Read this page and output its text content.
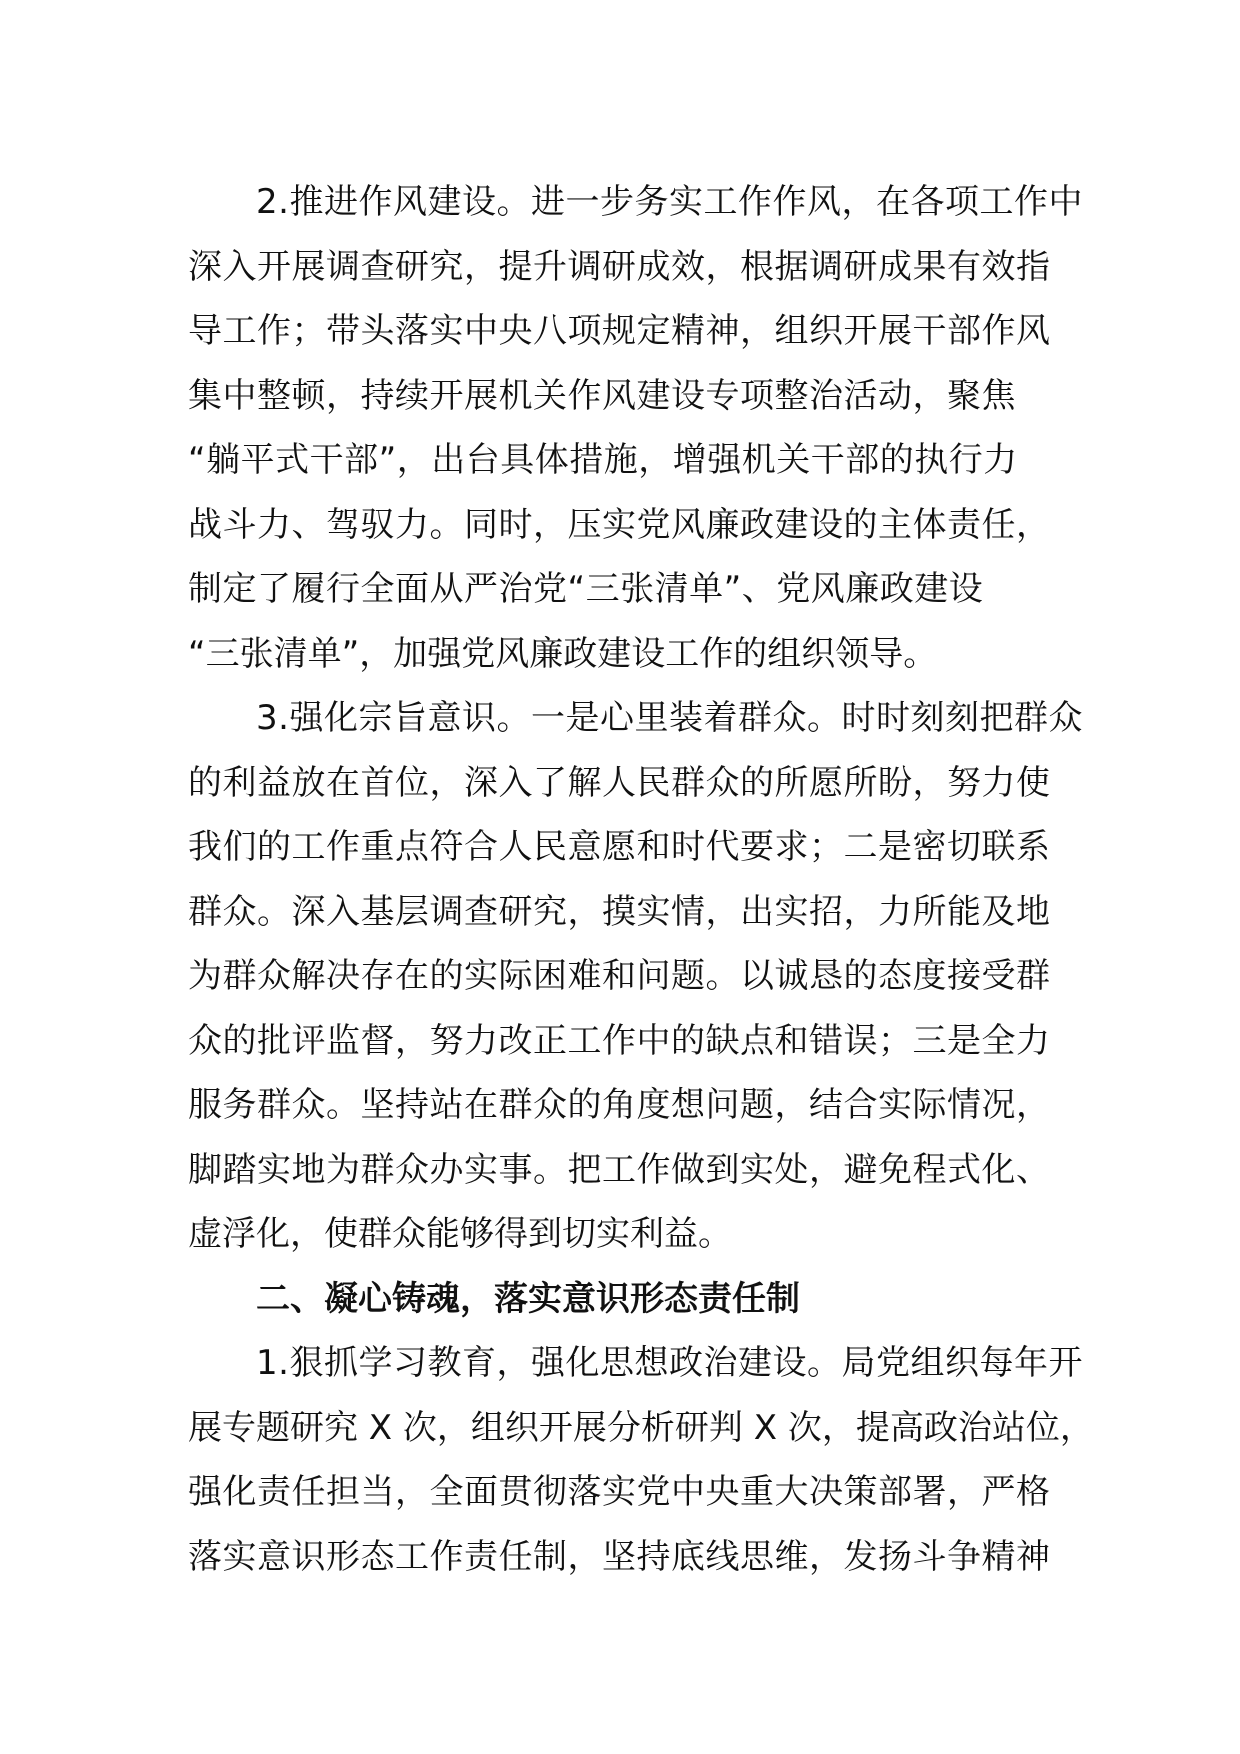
2.推进作风建设。进一步务实工作作风，在各项工作中
深入开展调查研究，提升调研成效，根据调研成果有效指
导工作；带头落实中央八项规定精神，组织开展干部作风
集中整顿，持续开展机关作风建设专项整治活动，聚焦
“躺平式干部”，出台具体措施，增强机关干部的执行力
战斗力、驾驭力。同时，压实党风廉政建设的主体责任，
制定了履行全面从严治党“三张清单”、党风廉政建设
“三张清单”，加强党风廉政建设工作的组织领导。
3.强化宗旨意识。一是心里装着群众。时时刻刻把群众
的利益放在首位，深入了解人民群众的所愿所盼，努力使
我们的工作重点符合人民意愿和时代要求；二是密切联系
群众。深入基层调查研究，摸实情，出实招，力所能及地
为群众解决存在的实际困难和问题。以诚恳的态度接受群
众的批评监督，努力改正工作中的缺点和错误；三是全力
服务群众。坚持站在群众的角度想问题，结合实际情况，
脚踏实地为群众办实事。把工作做到实处，避免程式化、
虚浮化，使群众能够得到切实利益。
二、凝心铸魂，落实意识形态责任制
1.狠抓学习教育，强化思想政治建设。局党组织每年开
展专题研究 X 次，组织开展分析研判 X 次，提高政治站位，
强化责任担当，全面贯彻落实党中央重大决策部署，严格
落实意识形态工作责任制，坚持底线思维，发扬斗争精神
